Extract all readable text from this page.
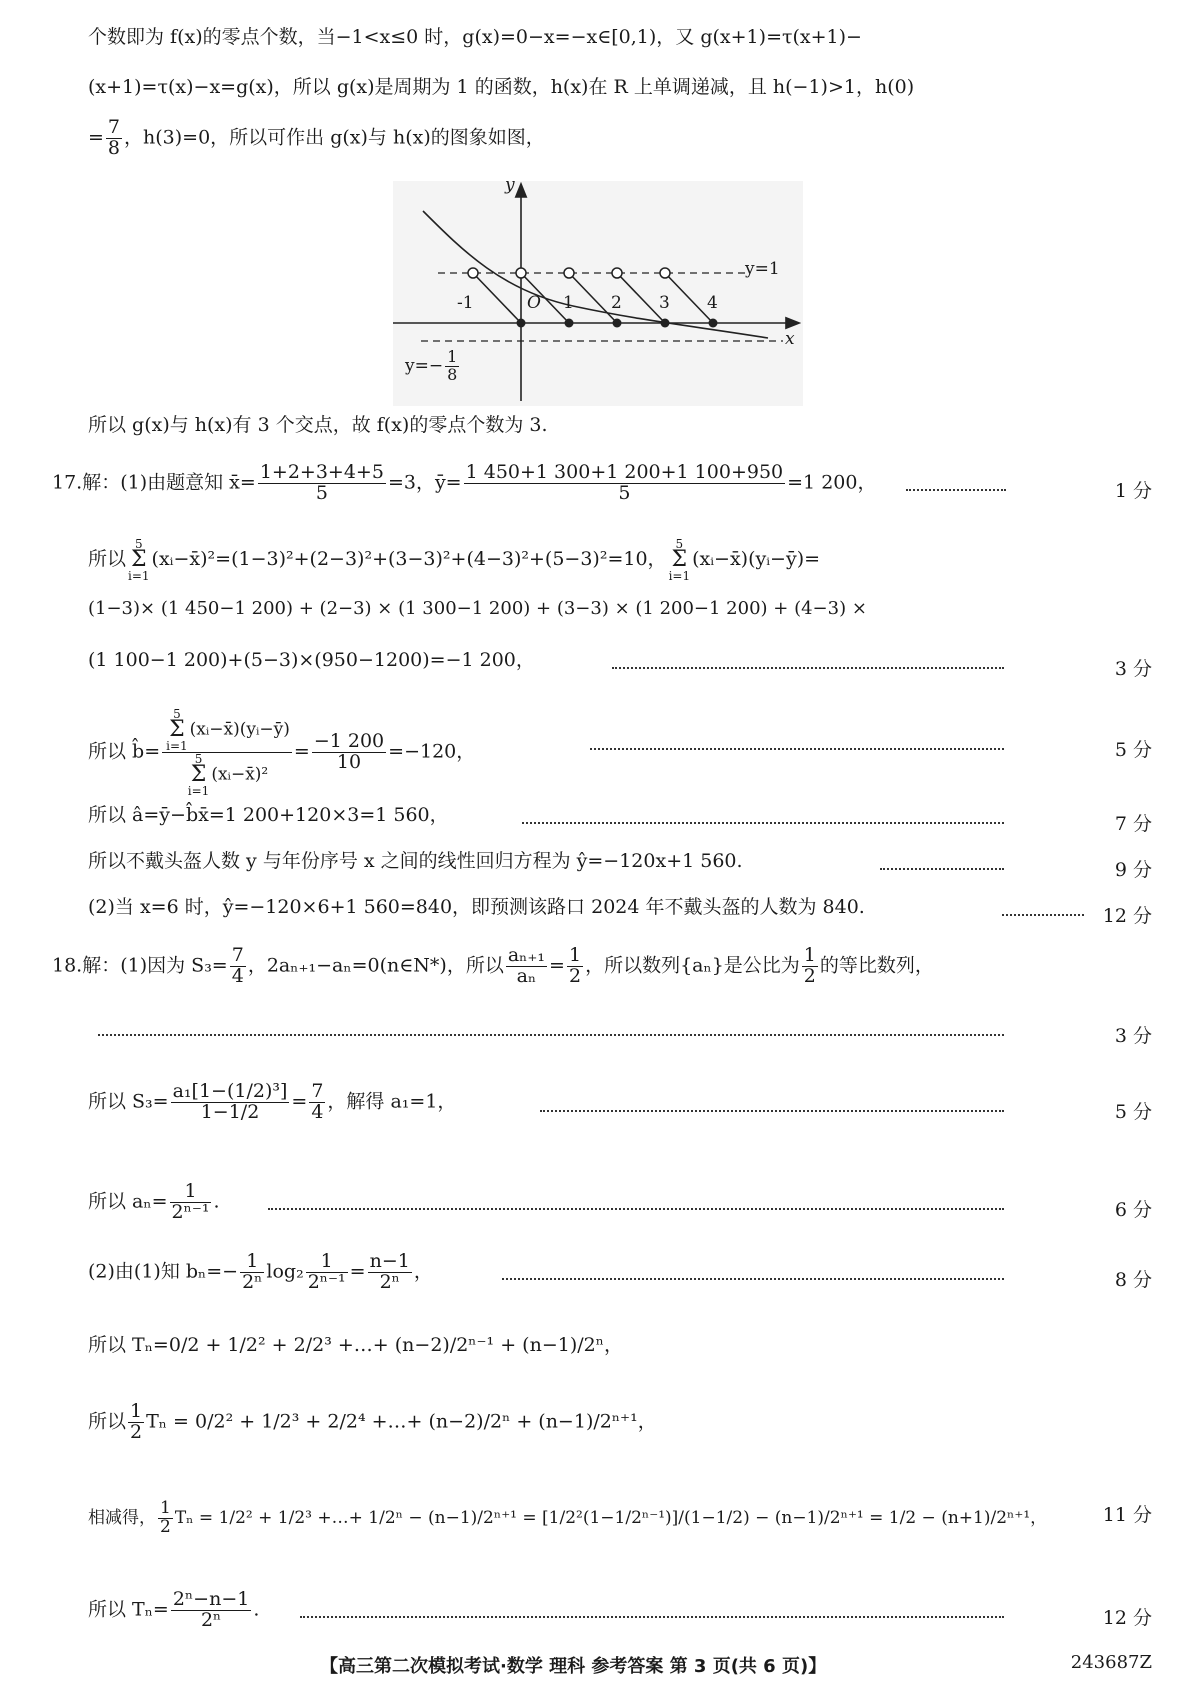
个数即为 f(x)的零点个数，当−1<x≤0 时，g(x)=0−x=−x∈[0,1)，又 g(x+1)=τ(x+1)−
(x+1)=τ(x)−x=g(x)，所以 g(x)是周期为 1 的函数，h(x)在 R 上单调递减，且 h(−1)>1，h(0)
= $\frac{7}{8}$ ，h(3)=0，所以可作出 g(x)与 h(x)的图象如图，
y
x
O
-1	1 2 3 4
y=1
$y=- \frac{1}{8}$
所以 g(x)与 h(x)有 3 个交点，故 f(x)的零点个数为 3.
17.解：(1)由题意知 x̄= $\frac{1+2+3+4+5}{5} =3$，ȳ= $\frac{1 450+1 300+1 200+1 100+950}{5} =1$ 200，	1 分
所以5
Σ
i=1(xᵢ−x̄)²=(1−3)²+(2−3)²+(3−3)²+(4−3)²+(5−3)²=10，5
Σ
i=1(xᵢ−x̄)(yᵢ−ȳ)=
(1−3)× (1 450−1 200) + (2−3) × (1 300−1 200) + (3−3) × (1 200−1 200) + (4−3) ×
(1 100−1 200)+(5−3)×(950−1200)=−1 200，	3 分
所以 b̂= 5
Σ
i=1(xᵢ−x̄)(yᵢ−ȳ)
5
Σ
i=1(xᵢ−x̄)² = $\frac{-1 200}{10} =-120$，	5 分
所以 â=ȳ−b̂x̄=1 200+120×3=1 560，	7 分
所以不戴头盔人数 y 与年份序号 x 之间的线性回归方程为 ŷ=−120x+1 560.	9 分
(2)当 x=6 时，ŷ=−120×6+1 560=840，即预测该路口 2024 年不戴头盔的人数为 840.	12 分
18.解：(1)因为 $S_3= \frac{7}{4}$ ，2aₙ₊₁−aₙ=0(n∈N*)，所以 $\frac{\text{aₙ₊₁}}{\text{aₙ}} = \frac{1}{2}$ ，所以数列{aₙ}是公比为 $\frac{1}{2}$ 的等比数列，
3 分
所以 $S_3= \frac{\text{a₁[1−(1/2)³]}}{1-1/2} = \frac{7}{4}$ ，解得 a₁=1，	5 分
所以 $a_n= \frac{1}{\text{2ⁿ⁻¹}}$ .	6 分
(2)由(1)知 $b_n=- \frac{1}{\text{2ⁿ}} \log_2 \frac{1}{\text{2ⁿ⁻¹}} = \frac{n-1}{\text{2ⁿ}}$ ，	8 分
所以 Tₙ=0/2 + 1/2² + 2/2³ +…+ (n−2)/2ⁿ⁻¹ + (n−1)/2ⁿ，
所以 $\frac{1}{2}$ Tₙ = 0/2² + 1/2³ + 2/2⁴ +…+ (n−2)/2ⁿ + (n−1)/2ⁿ⁺¹，
相减得， $\frac{1}{2}$ Tₙ = 1/2² + 1/2³ +…+ 1/2ⁿ − (n−1)/2ⁿ⁺¹ = [1/2²(1−1/2ⁿ⁻¹)]/(1−1/2) − (n−1)/2ⁿ⁺¹ = 1/2 − (n+1)/2ⁿ⁺¹，	11 分
所以 $T_n= \frac{\text{2ⁿ−n−1}}{\text{2ⁿ}}$ .	12 分
【高三第二次模拟考试·数学 理科 参考答案 第 3 页(共 6 页)】	243687Z
